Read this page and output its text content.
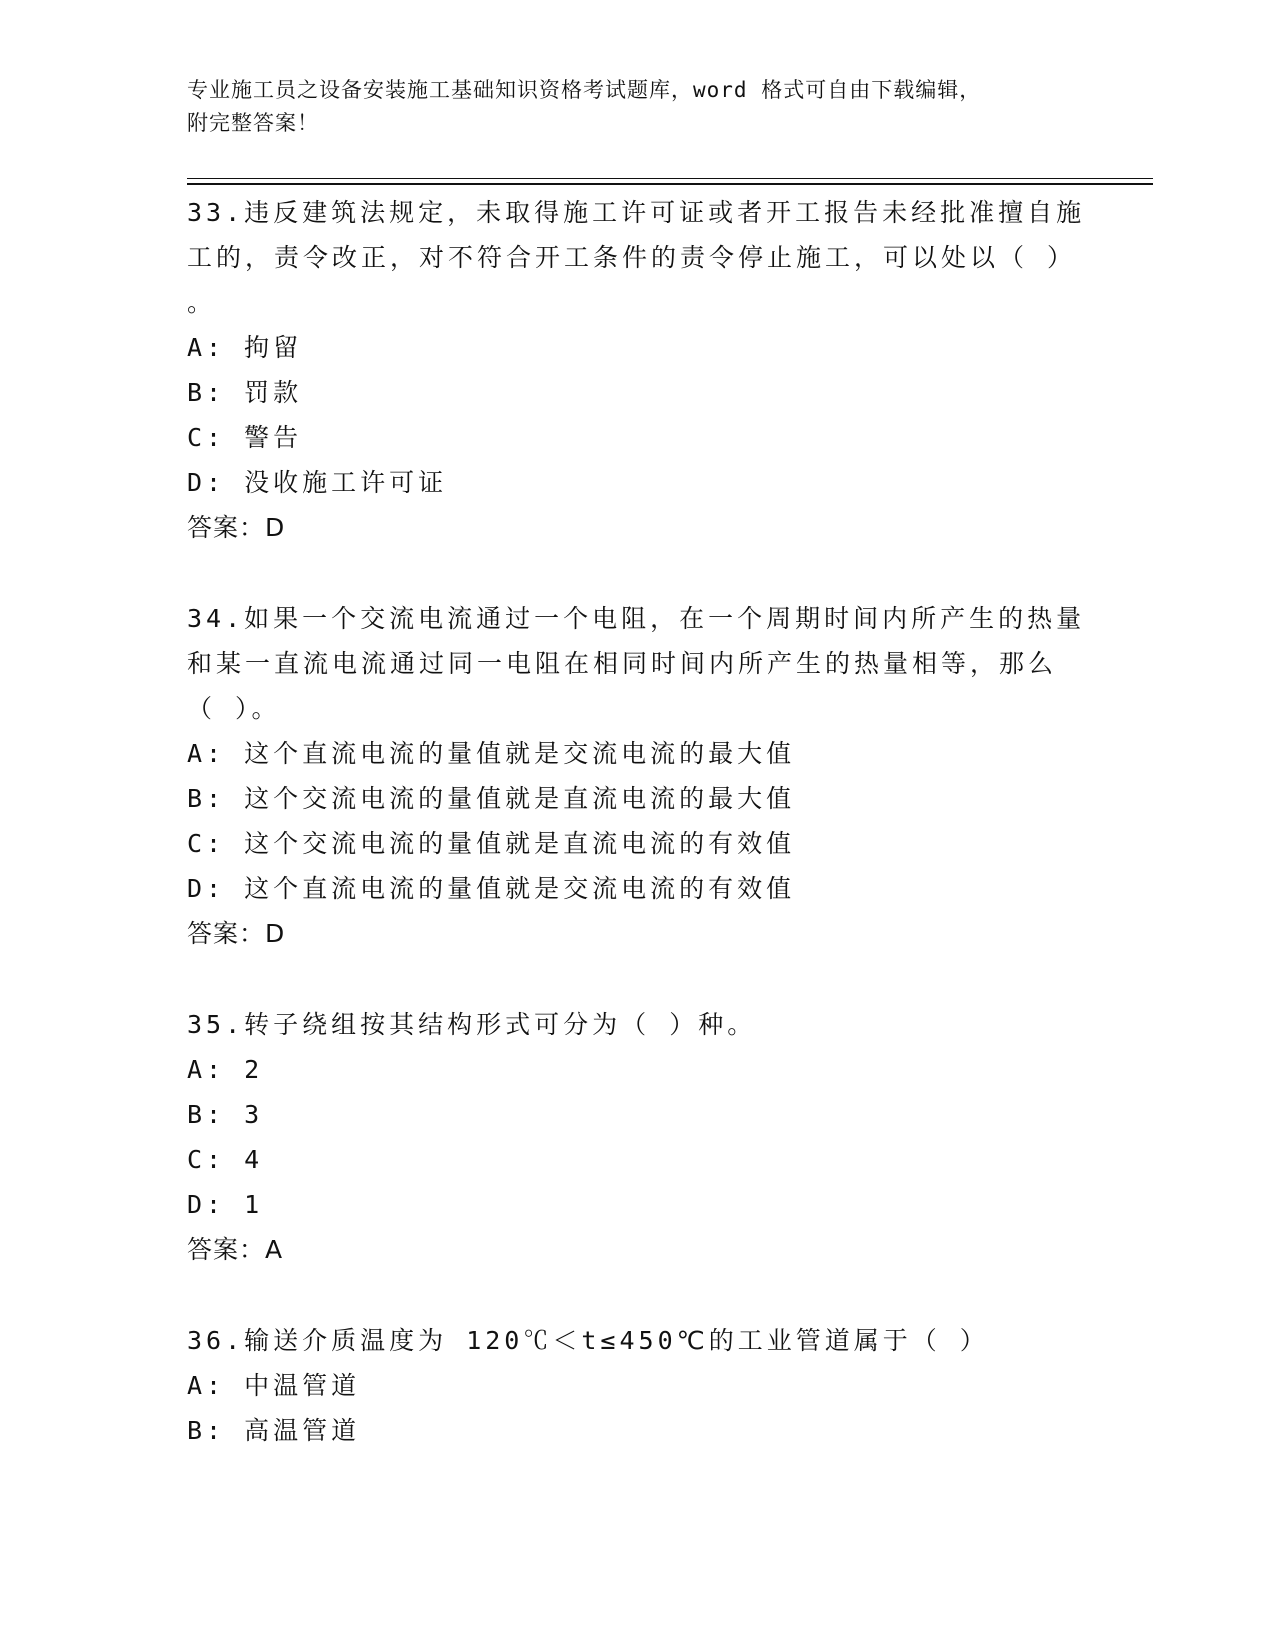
专业施工员之设备安装施工基础知识资格考试题库，word 格式可自由下载编辑，
附完整答案！
33.违反建筑法规定，未取得施工许可证或者开工报告未经批准擅自施
工的，责令改正，对不符合开工条件的责令停止施工，可以处以（ ）
。
A: 拘留
B: 罚款
C: 警告
D: 没收施工许可证
答案：D
34.如果一个交流电流通过一个电阻，在一个周期时间内所产生的热量
和某一直流电流通过同一电阻在相同时间内所产生的热量相等，那么
（ ）。
A: 这个直流电流的量值就是交流电流的最大值
B: 这个交流电流的量值就是直流电流的最大值
C: 这个交流电流的量值就是直流电流的有效值
D: 这个直流电流的量值就是交流电流的有效值
答案：D
35.转子绕组按其结构形式可分为（ ）种。
A: 2
B: 3
C: 4
D: 1
答案：A
36.输送介质温度为 120℃＜t≤450℃的工业管道属于（ ）
A: 中温管道
B: 高温管道
